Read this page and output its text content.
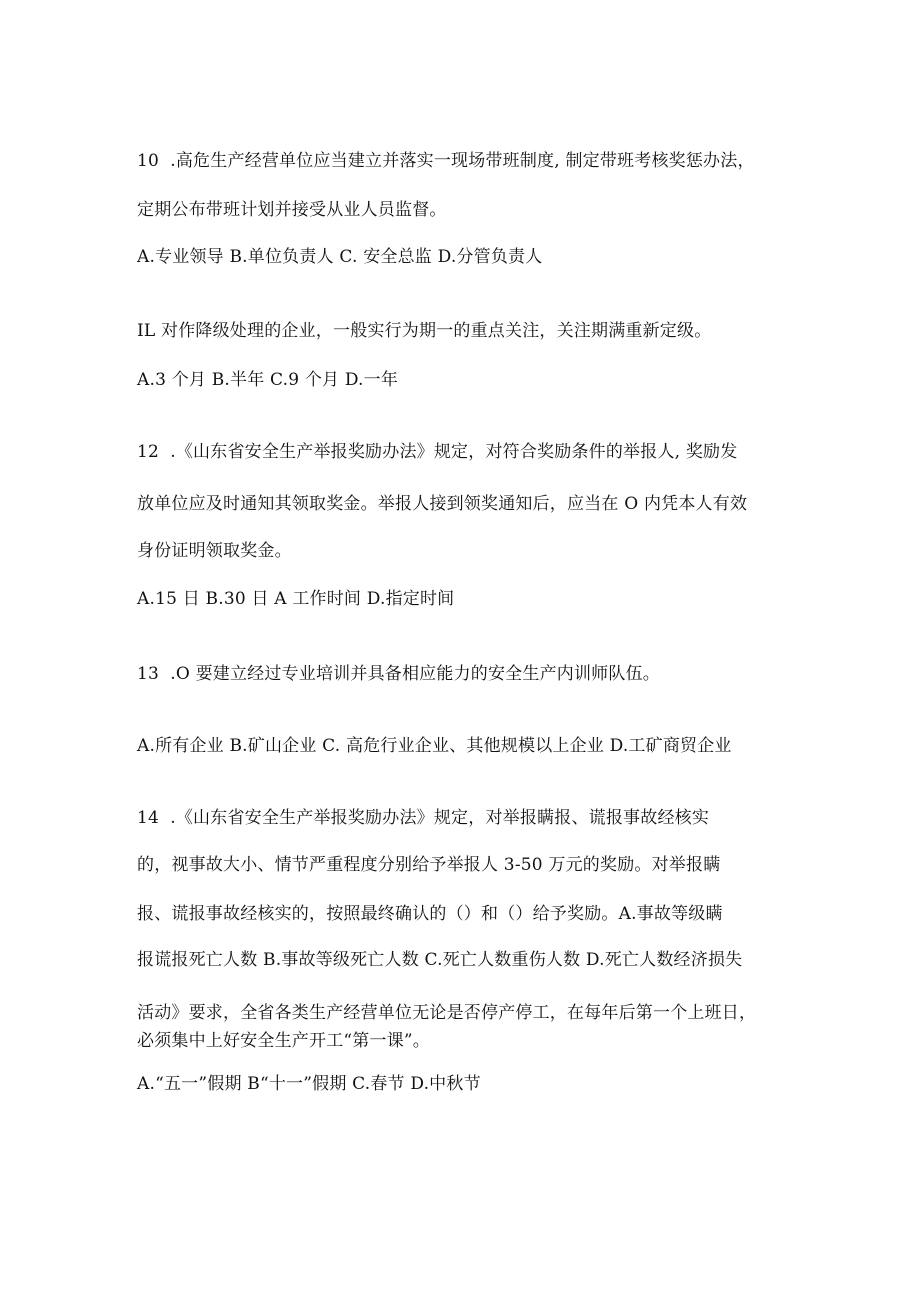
10  .高危生产经营单位应当建立并落实一现场带班制度, 制定带班考核奖惩办法，
定期公布带班计划并接受从业人员监督。
A.专业领导 B.单位负责人 C. 安全总监 D.分管负责人
IL 对作降级处理的企业，一般实行为期一的重点关注，关注期满重新定级。
A.3 个月 B.半年 C.9 个月 D.一年
12  .《山东省安全生产举报奖励办法》规定，对符合奖励条件的举报人, 奖励发
放单位应及时通知其领取奖金。举报人接到领奖通知后，应当在 O 内凭本人有效
身份证明领取奖金。
A.15 日 B.30 日 A 工作时间 D.指定时间
13  .O 要建立经过专业培训并具备相应能力的安全生产内训师队伍。
A.所有企业 B.矿山企业 C. 高危行业企业、其他规模以上企业 D.工矿商贸企业
14  .《山东省安全生产举报奖励办法》规定，对举报瞒报、谎报事故经核实
的，视事故大小、情节严重程度分别给予举报人 3-50 万元的奖励。对举报瞒
报、谎报事故经核实的，按照最终确认的（）和（）给予奖励。A.事故等级瞒
报谎报死亡人数 B.事故等级死亡人数 C.死亡人数重伤人数 D.死亡人数经济损失
活动》要求，全省各类生产经营单位无论是否停产停工，在每年后第一个上班日，
必须集中上好安全生产开工“第一课”。
A.“五一”假期 B“十一”假期 C.春节 D.中秋节
